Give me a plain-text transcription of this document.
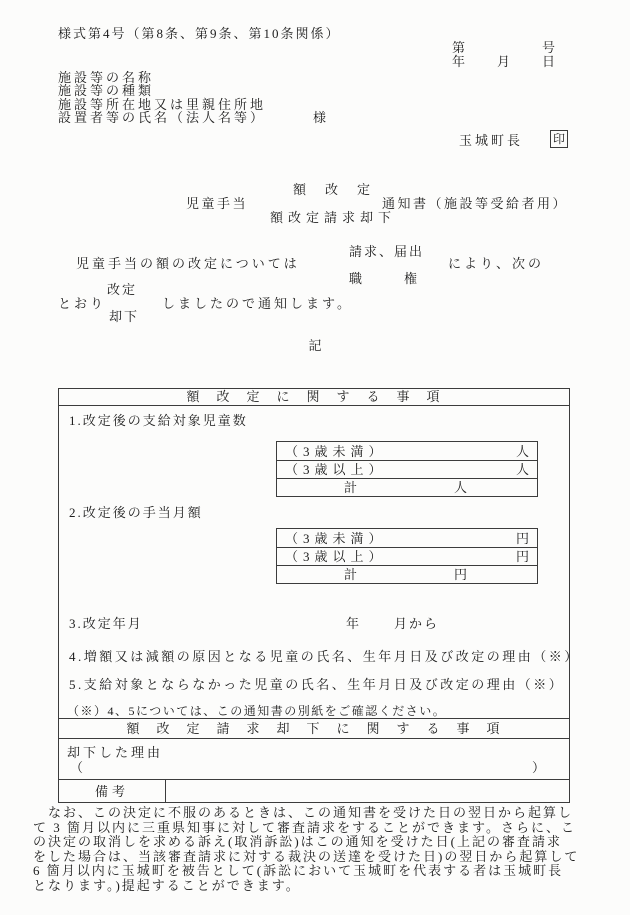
様式第4号（第8条、第9条、第10条関係）
第	号
年 月 日
施設等の名称
施設等の種類
施設等所在地又は里親住所地
設置者等の氏名（法人名等）	様
玉城町長 印
額　改　定
児童手当	通知書（施設等受給者用）
額改定請求却下
児童手当の額の改定については
請求、届出
職	権
により、次の
とおり
改定
却下
しましたので通知します。
記
額　改　定　に　関　す　る　事　項
1.改定後の支給対象児童数
（3歳未満）	人
（3歳以上）	人
計	人
2.改定後の手当月額
（3歳未満）	円
（3歳以上）	円
計	円
3.改定年月	年	月から
4.増額又は減額の原因となる児童の氏名、生年月日及び改定の理由（※）
5.支給対象とならなかった児童の氏名、生年月日及び改定の理由（※）
（※）4、5については、この通知書の別紙をご確認ください。
額　改　定　請　求　却　下　に　関　す　る　事　項
却下した理由
（	）
備考
　なお、この決定に不服のあるときは、この通知書を受けた日の翌日から起算し
て 3 箇月以内に三重県知事に対して審査請求をすることができます。さらに、こ
の決定の取消しを求める訴え(取消訴訟)はこの通知を受けた日(上記の審査請求
をした場合は、当該審査請求に対する裁決の送達を受けた日)の翌日から起算して
6 箇月以内に玉城町を被告として(訴訟において玉城町を代表する者は玉城町長
となります。)提起することができます。
